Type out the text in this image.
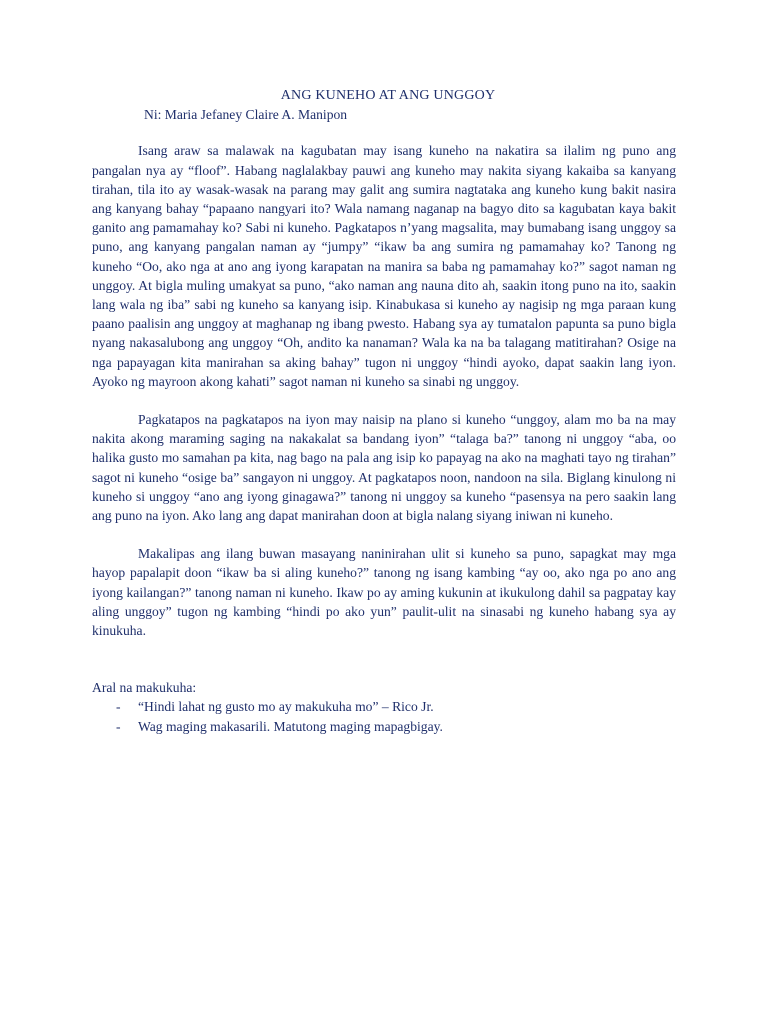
ANG KUNEHO AT ANG UNGGOY

Ni: Maria Jefaney Claire A. Manipon

Isang araw sa malawak na kagubatan may isang kuneho na nakatira sa ilalim ng puno ang pangalan nya ay “floof”. Habang naglalakbay pauwi ang kuneho may nakita siyang kakaiba sa kanyang tirahan, tila ito ay wasak-wasak na parang may galit ang sumira nagtataka ang kuneho kung bakit nasira ang kanyang bahay “papaano nangyari ito? Wala namang naganap na bagyo dito sa kagubatan kaya bakit ganito ang pamamahay ko? Sabi ni kuneho. Pagkatapos n’yang magsalita, may bumabang isang unggoy sa puno, ang kanyang pangalan naman ay “jumpy” “ikaw ba ang sumira ng pamamahay ko? Tanong ng kuneho “Oo, ako nga at ano ang iyong karapatan na manira sa baba ng pamamahay ko?” sagot naman ng unggoy. At bigla muling umakyat sa puno, “ako naman ang nauna dito ah, saakin itong puno na ito, saakin lang wala ng iba” sabi ng kuneho sa kanyang isip. Kinabukasa si kuneho ay nagisip ng mga paraan kung paano paalisin ang unggoy at maghanap ng ibang pwesto. Habang sya ay tumatalon papunta sa puno bigla nyang nakasalubong ang unggoy “Oh, andito ka nanaman? Wala ka na ba talagang matitirahan? Osige na nga papayagan kita manirahan sa aking bahay” tugon ni unggoy “hindi ayoko, dapat saakin lang iyon. Ayoko ng mayroon akong kahati” sagot naman ni kuneho sa sinabi ng unggoy.

Pagkatapos na pagkatapos na iyon may naisip na plano si kuneho “unggoy, alam mo ba na may nakita akong maraming saging na nakakalat sa bandang iyon” “talaga ba?” tanong ni unggoy “aba, oo halika gusto mo samahan pa kita, nag bago na pala ang isip ko papayag na ako na maghati tayo ng tirahan” sagot ni kuneho “osige ba” sangayon ni unggoy. At pagkatapos noon, nandoon na sila. Biglang kinulong ni kuneho si unggoy “ano ang iyong ginagawa?” tanong ni unggoy sa kuneho “pasensya na pero saakin lang ang puno na iyon. Ako lang ang dapat manirahan doon at bigla nalang siyang iniwan ni kuneho.

Makalipas ang ilang buwan masayang naninirahan ulit si kuneho sa puno, sapagkat may mga hayop papalapit doon “ikaw ba si aling kuneho?” tanong ng isang kambing “ay oo, ako nga po ano ang iyong kailangan?” tanong naman ni kuneho. Ikaw po ay aming kukunin at ikukulong dahil sa pagpatay kay aling unggoy” tugon ng kambing “hindi po ako yun” paulit-ulit na sinasabi ng kuneho habang sya ay kinukuha.

Aral na makukuha:

- “Hindi lahat ng gusto mo ay makukuha mo” – Rico Jr.
- Wag maging makasarili. Matutong maging mapagbigay.
